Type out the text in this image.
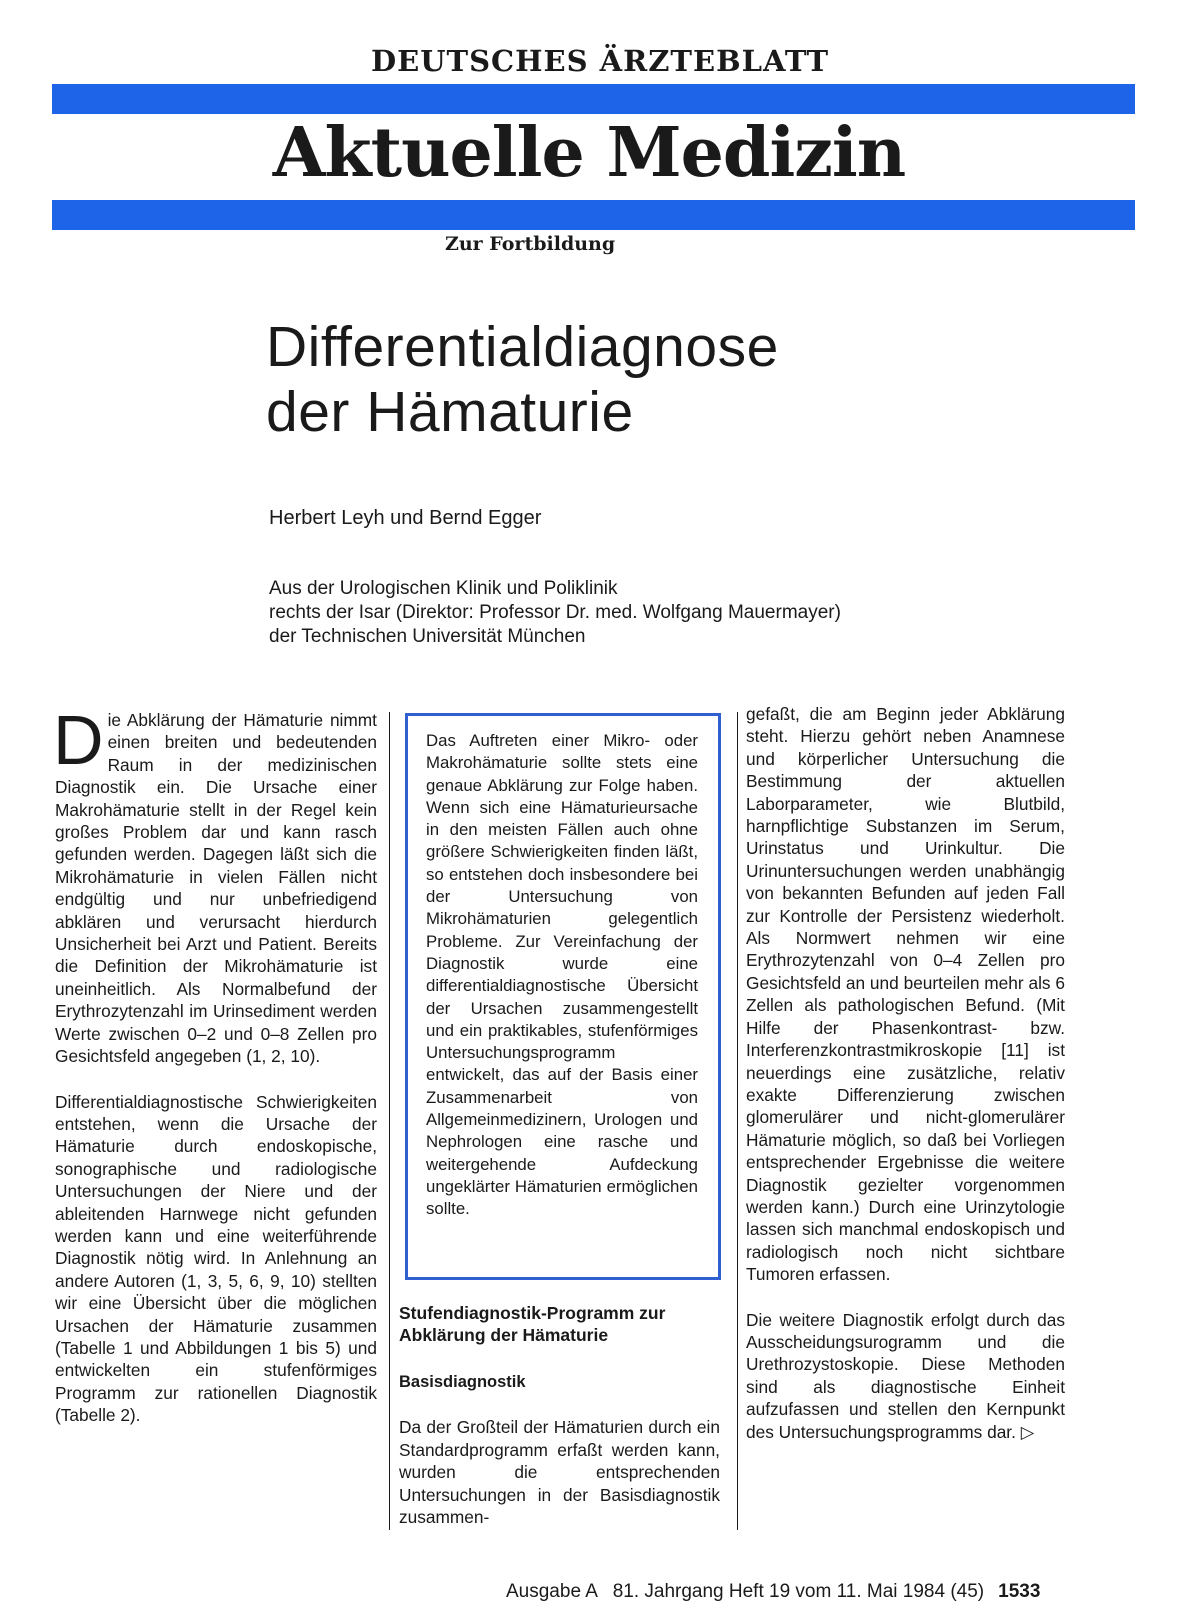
DEUTSCHES ÄRZTEBLATT
Aktuelle Medizin
Zur Fortbildung
Differentialdiagnose
der Hämaturie
Herbert Leyh und Bernd Egger
Aus der Urologischen Klinik und Poliklinik
rechts der Isar (Direktor: Professor Dr. med. Wolfgang Mauermayer)
der Technischen Universität München

Die Abklärung der Hämaturie nimmt einen breiten und bedeutenden Raum in der medizinischen Diagnostik ein. Die Ursache einer Makrohämaturie stellt in der Regel kein großes Problem dar und kann rasch gefunden werden. Dagegen läßt sich die Mikrohämaturie in vielen Fällen nicht endgültig und nur unbefriedigend abklären und verursacht hierdurch Unsicherheit bei Arzt und Patient. Bereits die Definition der Mikrohämaturie ist uneinheitlich. Als Normalbefund der Erythrozytenzahl im Urinsediment werden Werte zwischen 0–2 und 0–8 Zellen pro Gesichtsfeld angegeben (1, 2, 10).

Differentialdiagnostische Schwierigkeiten entstehen, wenn die Ursache der Hämaturie durch endoskopische, sonographische und radiologische Untersuchungen der Niere und der ableitenden Harnwege nicht gefunden werden kann und eine weiterführende Diagnostik nötig wird. In Anlehnung an andere Autoren (1, 3, 5, 6, 9, 10) stellten wir eine Übersicht über die möglichen Ursachen der Hämaturie zusammen (Tabelle 1 und Abbildungen 1 bis 5) und entwickelten ein stufenförmiges Programm zur rationellen Diagnostik (Tabelle 2).

Das Auftreten einer Mikro- oder Makrohämaturie sollte stets eine genaue Abklärung zur Folge haben. Wenn sich eine Hämaturieursache in den meisten Fällen auch ohne größere Schwierigkeiten finden läßt, so entstehen doch insbesondere bei der Untersuchung von Mikrohämaturien gelegentlich Probleme. Zur Vereinfachung der Diagnostik wurde eine differentialdiagnostische Übersicht der Ursachen zusammengestellt und ein praktikables, stufenförmiges Untersuchungsprogramm entwickelt, das auf der Basis einer Zusammenarbeit von Allgemeinmedizinern, Urologen und Nephrologen eine rasche und weitergehende Aufdeckung ungeklärter Hämaturien ermöglichen sollte.

Stufendiagnostik-Programm zur Abklärung der Hämaturie

Basisdiagnostik

Da der Großteil der Hämaturien durch ein Standardprogramm erfaßt werden kann, wurden die entsprechenden Untersuchungen in der Basisdiagnostik zusammen-

gefaßt, die am Beginn jeder Abklärung steht. Hierzu gehört neben Anamnese und körperlicher Untersuchung die Bestimmung der aktuellen Laborparameter, wie Blutbild, harnpflichtige Substanzen im Serum, Urinstatus und Urinkultur. Die Urinuntersuchungen werden unabhängig von bekannten Befunden auf jeden Fall zur Kontrolle der Persistenz wiederholt. Als Normwert nehmen wir eine Erythrozytenzahl von 0–4 Zellen pro Gesichtsfeld an und beurteilen mehr als 6 Zellen als pathologischen Befund. (Mit Hilfe der Phasenkontrast- bzw. Interferenzkontrastmikroskopie [11] ist neuerdings eine zusätzliche, relativ exakte Differenzierung zwischen glomerulärer und nicht-glomerulärer Hämaturie möglich, so daß bei Vorliegen entsprechender Ergebnisse die weitere Diagnostik gezielter vorgenommen werden kann.) Durch eine Urinzytologie lassen sich manchmal endoskopisch und radiologisch noch nicht sichtbare Tumoren erfassen.

Die weitere Diagnostik erfolgt durch das Ausscheidungsurogramm und die Urethrozystoskopie. Diese Methoden sind als diagnostische Einheit aufzufassen und stellen den Kernpunkt des Untersuchungsprogramms dar. ▷

Ausgabe A   81. Jahrgang Heft 19 vom 11. Mai 1984 (45) 1533
